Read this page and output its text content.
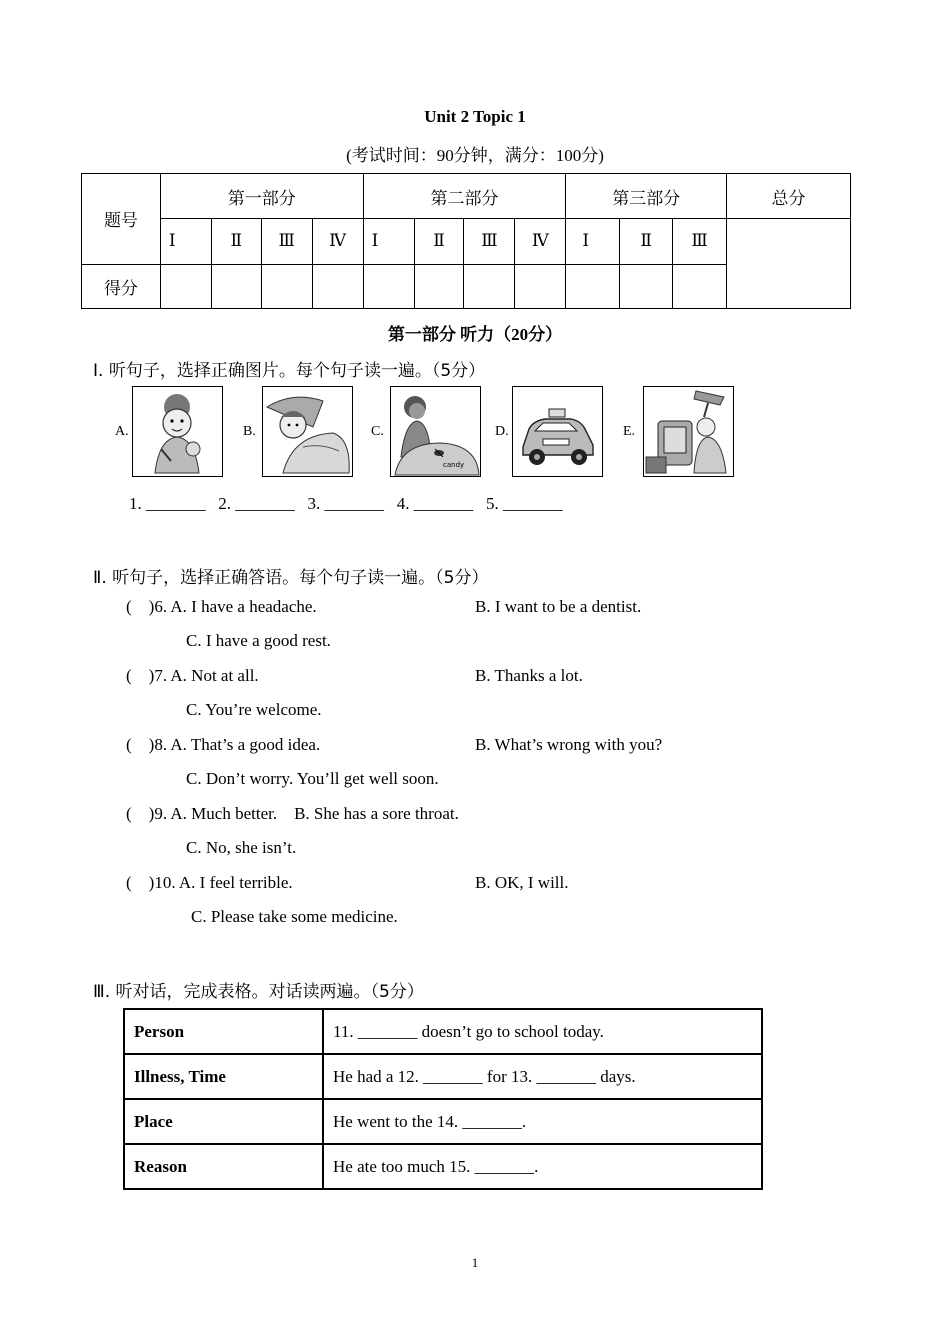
Unit 2 Topic 1
(考试时间：90分钟，满分：100分)
题号	第一部分				第二部分				第三部分			总分
	Ⅰ	Ⅱ	Ⅲ	Ⅳ	Ⅰ	Ⅱ	Ⅲ	Ⅳ	Ⅰ	Ⅱ	Ⅲ	
得分												
第一部分 听力（20分）
Ⅰ. 听句子，选择正确图片。每个句子读一遍。（5分）
A.	B.	C.
candy
D.	E.
1. _______   2. _______   3. _______   4. _______   5. _______
Ⅱ. 听句子，选择正确答语。每个句子读一遍。（5分）
(    )6. A. I have a headache.	B. I want to be a dentist.
C. I have a good rest.
(    )7. A. Not at all.	B. Thanks a lot.
C. You’re welcome.
(    )8. A. That’s a good idea.	B. What’s wrong with you?
C. Don’t worry. You’ll get well soon.
(    )9. A. Much better.    B. She has a sore throat.
C. No, she isn’t.
(    )10. A. I feel terrible.	B. OK, I will.
C. Please take some medicine.
Ⅲ. 听对话，完成表格。对话读两遍。（5分）
Person	11. _______ doesn’t go to school today.
Illness, Time	He had a 12. _______ for 13. _______ days.
Place	He went to the 14. _______.
Reason	He ate too much 15. _______.
1
